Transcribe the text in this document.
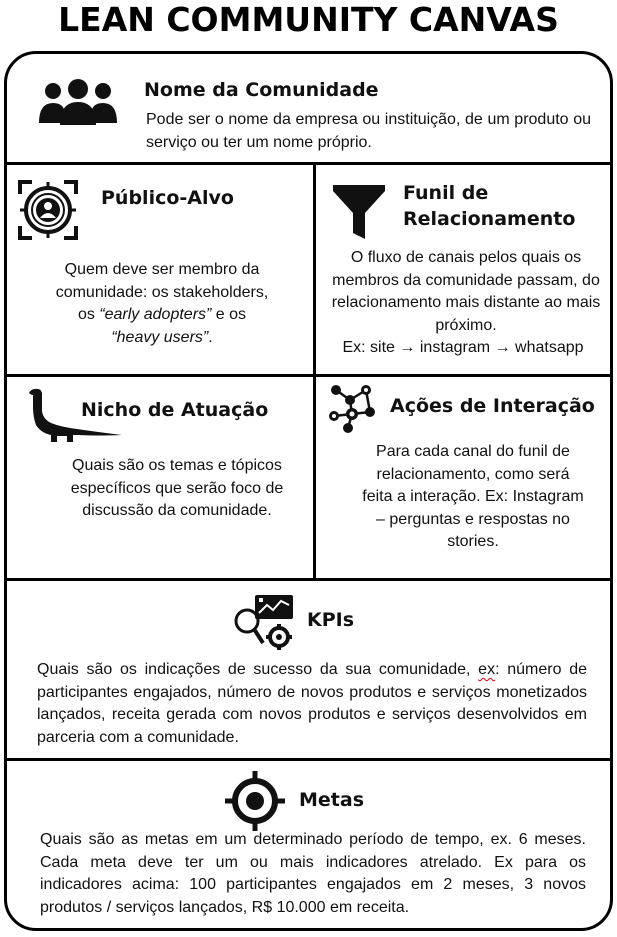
LEAN COMMUNITY CANVAS
Nome da Comunidade
Pode ser o nome da empresa ou instituição, de um produto ou serviço ou ter um nome próprio.
Público-Alvo
Quem deve ser membro da
comunidade: os stakeholders,
os “early adopters” e os
“heavy users”.
Funil de
Relacionamento
O fluxo de canais pelos quais os membros da comunidade passam, do relacionamento mais distante ao mais próximo.
Ex: site → instagram → whatsapp
Nicho de Atuação
Quais são os temas e tópicos específicos que serão foco de discussão da comunidade.
Ações de Interação
Para cada canal do funil de relacionamento, como será feita a interação. Ex: Instagram – perguntas e respostas no stories.
KPIs
Quais são os indicações de sucesso da sua comunidade, ex: número de participantes engajados, número de novos produtos e serviços monetizados lançados, receita gerada com novos produtos e serviços desenvolvidos em parceria com a comunidade.
Metas
Quais são as metas em um determinado período de tempo, ex. 6 meses. Cada meta deve ter um ou mais indicadores atrelado. Ex para os indicadores acima: 100 participantes engajados em 2 meses, 3 novos produtos / serviços lançados, R$ 10.000 em receita.
